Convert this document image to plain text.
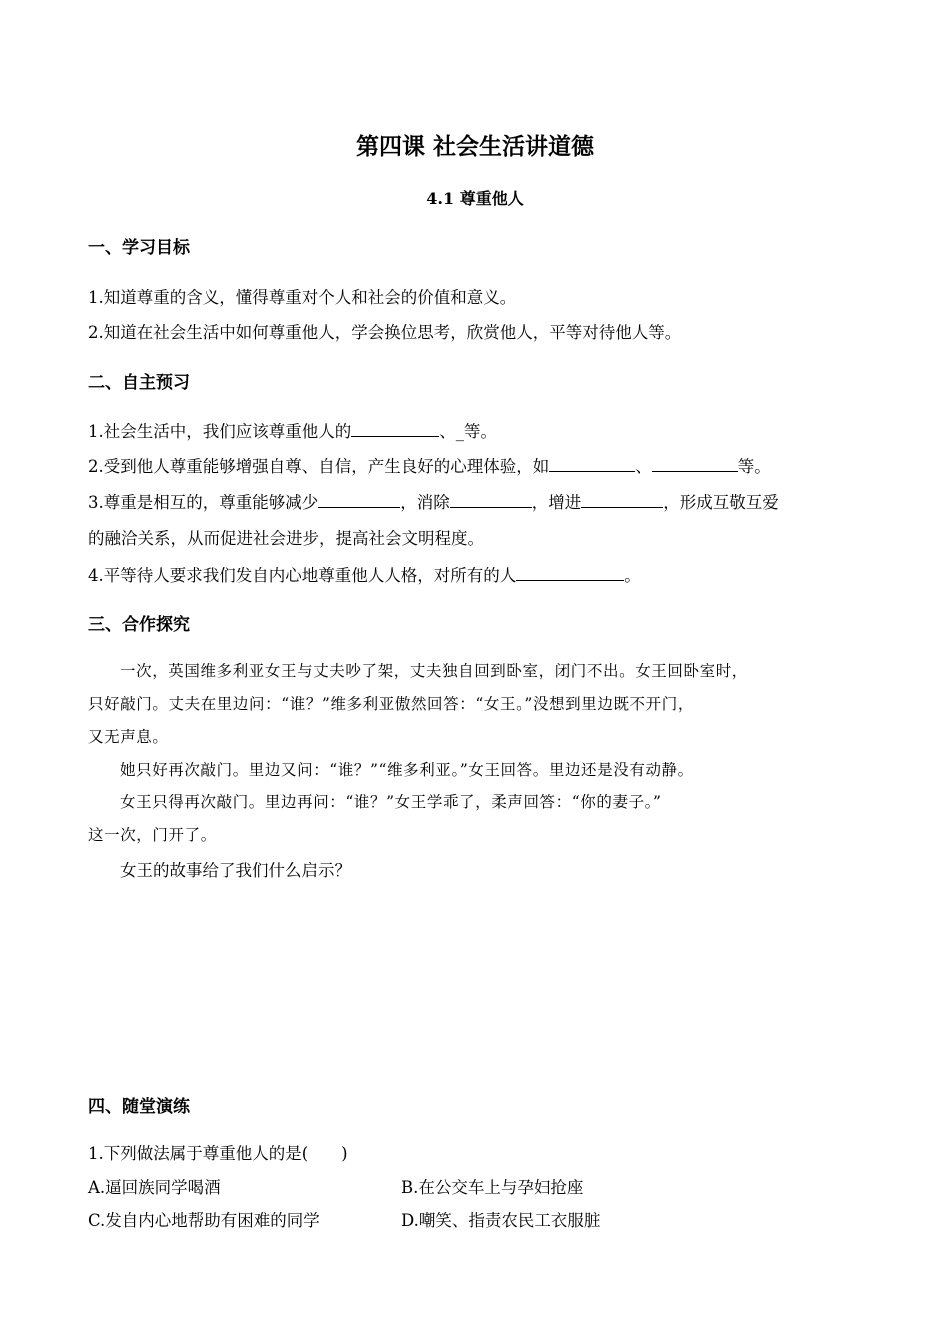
第四课 社会生活讲道德
4.1 尊重他人
一、学习目标
1.知道尊重的含义，懂得尊重对个人和社会的价值和意义。
2.知道在社会生活中如何尊重他人，学会换位思考，欣赏他人，平等对待他人等。
二、自主预习
1.社会生活中，我们应该尊重他人的	、_等。
2.受到他人尊重能够增强自尊、自信，产生良好的心理体验，如	、	等。
3.尊重是相互的，尊重能够减少	，消除	，增进	，形成互敬互爱
的融洽关系，从而促进社会进步，提高社会文明程度。
4.平等待人要求我们发自内心地尊重他人人格，对所有的人	。
三、合作探究
一次，英国维多利亚女王与丈夫吵了架，丈夫独自回到卧室，闭门不出。女王回卧室时，
只好敲门。丈夫在里边问：“谁？”维多利亚傲然回答：“女王。”没想到里边既不开门，
又无声息。
她只好再次敲门。里边又问：“谁？”“维多利亚。”女王回答。里边还是没有动静。
女王只得再次敲门。里边再问：“谁？”女王学乖了，柔声回答：“你的妻子。”
这一次，门开了。
女王的故事给了我们什么启示？
四、随堂演练
1.下列做法属于尊重他人的是(　　)
A.逼回族同学喝酒	B.在公交车上与孕妇抢座
C.发自内心地帮助有困难的同学	D.嘲笑、指责农民工衣服脏
